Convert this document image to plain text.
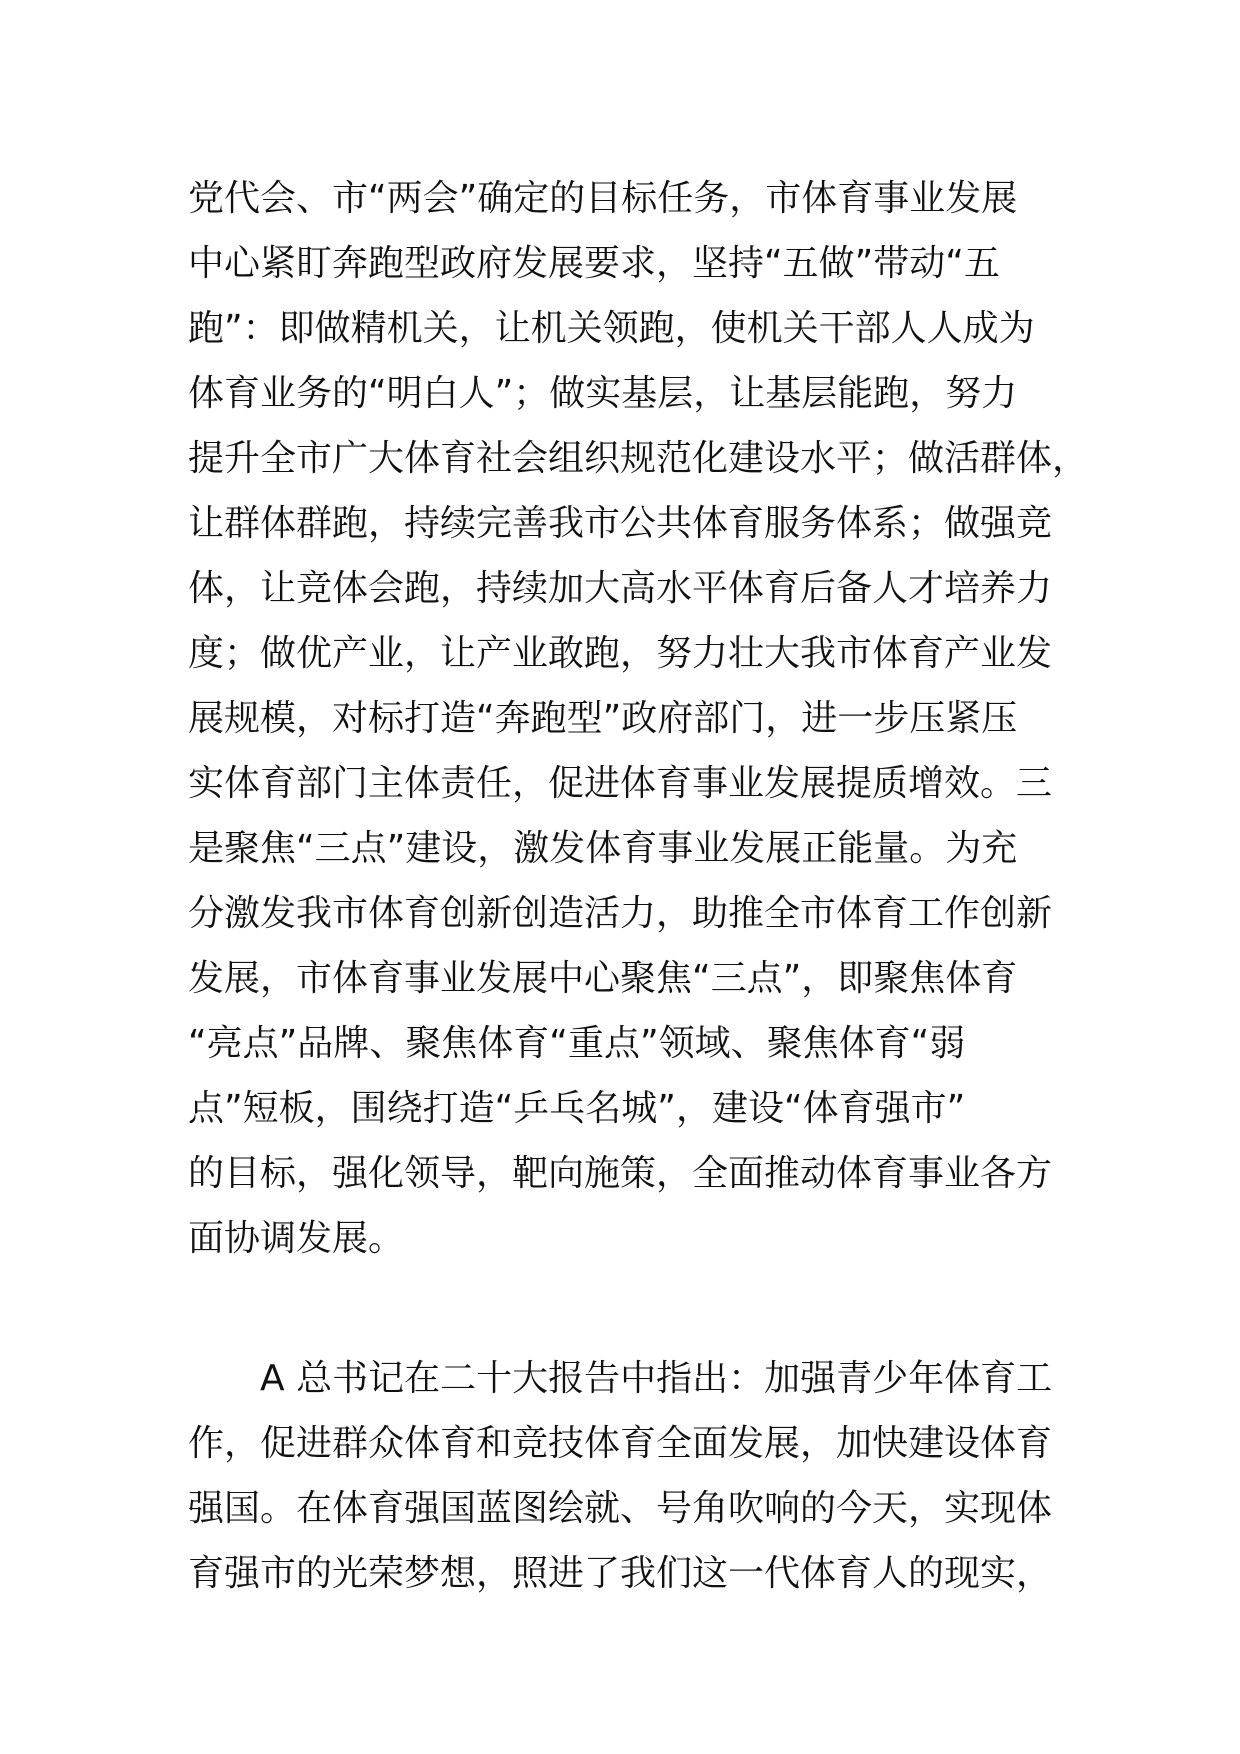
党代会、市“两会”确定的目标任务，市体育事业发展
中心紧盯奔跑型政府发展要求，坚持“五做”带动“五
跑”：即做精机关，让机关领跑，使机关干部人人成为
体育业务的“明白人”；做实基层，让基层能跑，努力
提升全市广大体育社会组织规范化建设水平；做活群体，
让群体群跑，持续完善我市公共体育服务体系；做强竞
体，让竞体会跑，持续加大高水平体育后备人才培养力
度；做优产业，让产业敢跑，努力壮大我市体育产业发
展规模，对标打造“奔跑型”政府部门，进一步压紧压
实体育部门主体责任，促进体育事业发展提质增效。三
是聚焦“三点”建设，激发体育事业发展正能量。为充
分激发我市体育创新创造活力，助推全市体育工作创新
发展，市体育事业发展中心聚焦“三点”，即聚焦体育
“亮点”品牌、聚焦体育“重点”领域、聚焦体育“弱
点”短板，围绕打造“乒乓名城”，建设“体育强市”
的目标，强化领导，靶向施策，全面推动体育事业各方
面协调发展。
　　A 总书记在二十大报告中指出：加强青少年体育工
作，促进群众体育和竞技体育全面发展，加快建设体育
强国。在体育强国蓝图绘就、号角吹响的今天，实现体
育强市的光荣梦想，照进了我们这一代体育人的现实，
